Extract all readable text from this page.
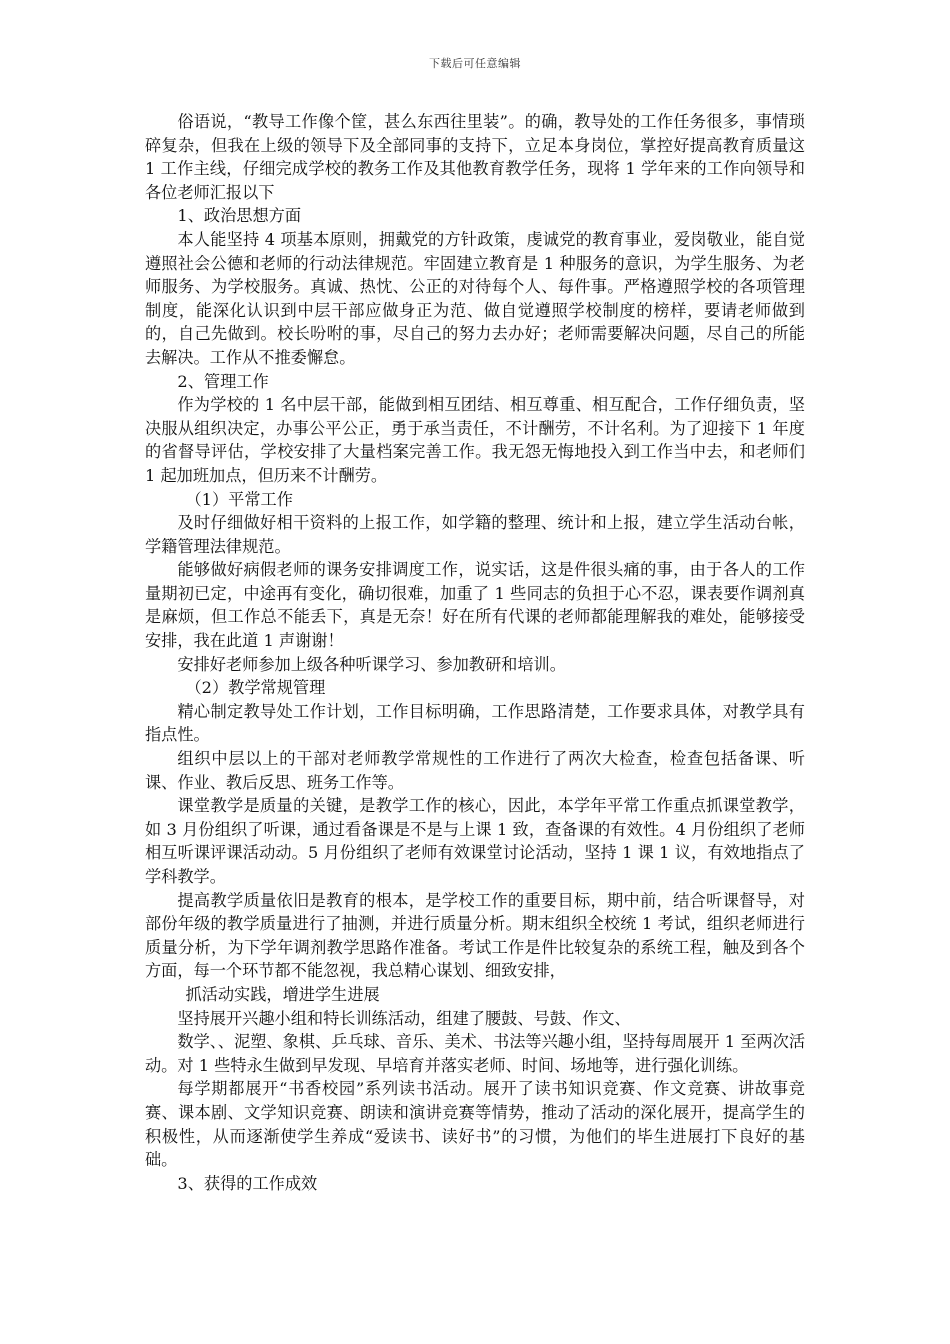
下载后可任意编辑

俗语说，“教导工作像个筐，甚么东西往里装”。的确，教导处的工作任务很多，事情琐碎复杂，但我在上级的领导下及全部同事的支持下，立足本身岗位，掌控好提高教育质量这 1 工作主线，仔细完成学校的教务工作及其他教育教学任务，现将 1 学年来的工作向领导和各位老师汇报以下

1、政治思想方面

本人能坚持 4 项基本原则，拥戴党的方针政策，虔诚党的教育事业，爱岗敬业，能自觉遵照社会公德和老师的行动法律规范。牢固建立教育是 1 种服务的意识，为学生服务、为老师服务、为学校服务。真诚、热忱、公正的对待每个人、每件事。严格遵照学校的各项管理制度，能深化认识到中层干部应做身正为范、做自觉遵照学校制度的榜样，要请老师做到的，自己先做到。校长吩咐的事，尽自己的努力去办好；老师需要解决问题，尽自己的所能去解决。工作从不推委懈怠。

2、管理工作

作为学校的 1 名中层干部，能做到相互团结、相互尊重、相互配合，工作仔细负责，坚决服从组织决定，办事公平公正，勇于承当责任，不计酬劳，不计名利。为了迎接下 1 年度的省督导评估，学校安排了大量档案完善工作。我无怨无悔地投入到工作当中去，和老师们 1 起加班加点，但历来不计酬劳。

（1）平常工作

及时仔细做好相干资料的上报工作，如学籍的整理、统计和上报，建立学生活动台帐，学籍管理法律规范。

能够做好病假老师的课务安排调度工作，说实话，这是件很头痛的事，由于各人的工作量期初已定，中途再有变化，确切很难，加重了 1 些同志的负担于心不忍，课表要作调剂真是麻烦，但工作总不能丢下，真是无奈！好在所有代课的老师都能理解我的难处，能够接受安排，我在此道 1 声谢谢！

安排好老师参加上级各种听课学习、参加教研和培训。

（2）教学常规管理

精心制定教导处工作计划，工作目标明确，工作思路清楚，工作要求具体，对教学具有指点性。

组织中层以上的干部对老师教学常规性的工作进行了两次大检查，检查包括备课、听课、作业、教后反思、班务工作等。

课堂教学是质量的关键，是教学工作的核心，因此，本学年平常工作重点抓课堂教学，如 3 月份组织了听课，通过看备课是不是与上课 1 致，查备课的有效性。4 月份组织了老师相互听课评课活动动。5 月份组织了老师有效课堂讨论活动，坚持 1 课 1 议，有效地指点了学科教学。

提高教学质量依旧是教育的根本，是学校工作的重要目标，期中前，结合听课督导，对部份年级的教学质量进行了抽测，并进行质量分析。期末组织全校统 1 考试，组织老师进行质量分析，为下学年调剂教学思路作准备。考试工作是件比较复杂的系统工程，触及到各个方面，每一个环节都不能忽视，我总精心谋划、细致安排，

抓活动实践，增进学生进展

坚持展开兴趣小组和特长训练活动，组建了腰鼓、号鼓、作文、

数学、、泥塑、象棋、乒乓球、音乐、美术、书法等兴趣小组，坚持每周展开 1 至两次活动。对 1 些特永生做到早发现、早培育并落实老师、时间、场地等，进行强化训练。

每学期都展开“书香校园”系列读书活动。展开了读书知识竞赛、作文竞赛、讲故事竞赛、课本剧、文学知识竞赛、朗读和演讲竞赛等情势，推动了活动的深化展开，提高学生的积极性，从而逐渐使学生养成“爱读书、读好书”的习惯，为他们的毕生进展打下良好的基础。

3、获得的工作成效
